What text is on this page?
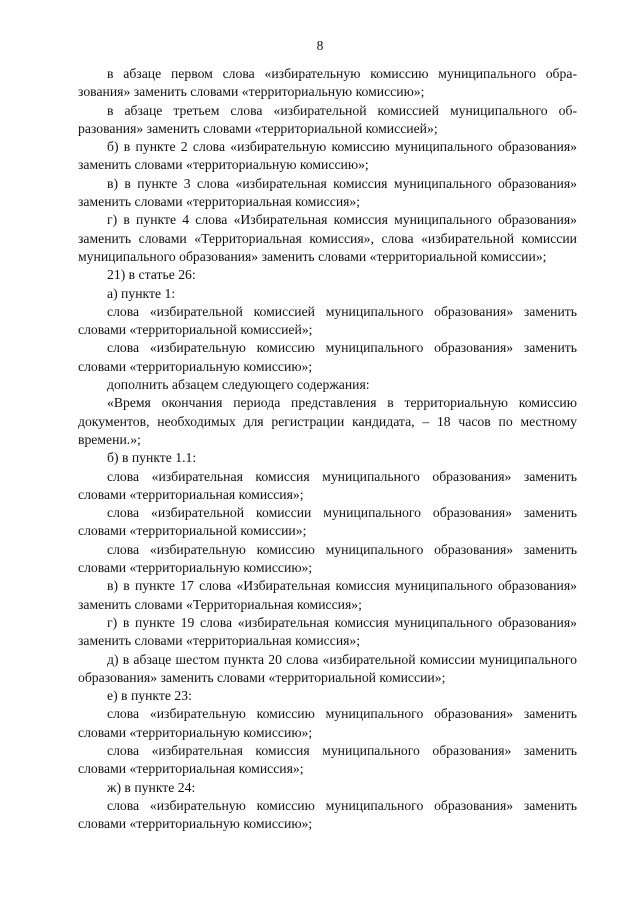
8

в абзаце первом слова «избирательную комиссию муниципального образования» заменить словами «территориальную комиссию»;

в абзаце третьем слова «избирательной комиссией муниципального образования» заменить словами «территориальной комиссией»;

б) в пункте 2 слова «избирательную комиссию муниципального образования» заменить словами «территориальную комиссию»;

в) в пункте 3 слова «избирательная комиссия муниципального образования» заменить словами «территориальная комиссия»;

г) в пункте 4 слова «Избирательная комиссия муниципального образования» заменить словами «Территориальная комиссия», слова «избирательной комиссии муниципального образования» заменить словами «территориальной комиссии»;

21) в статье 26:

а) пункте 1:

слова «избирательной комиссией муниципального образования» заменить словами «территориальной комиссией»;

слова «избирательную комиссию муниципального образования» заменить словами «территориальную комиссию»;

дополнить абзацем следующего содержания:

«Время окончания периода представления в территориальную комиссию документов, необходимых для регистрации кандидата, – 18 часов по местному времени.»;

б) в пункте 1.1:

слова «избирательная комиссия муниципального образования» заменить словами «территориальная комиссия»;

слова «избирательной комиссии муниципального образования» заменить словами «территориальной комиссии»;

слова «избирательную комиссию муниципального образования» заменить словами «территориальную комиссию»;

в) в пункте 17 слова «Избирательная комиссия муниципального образования» заменить словами «Территориальная комиссия»;

г) в пункте 19 слова «избирательная комиссия муниципального образования» заменить словами «территориальная комиссия»;

д) в абзаце шестом пункта 20 слова «избирательной комиссии муниципального образования» заменить словами «территориальной комиссии»;

е) в пункте 23:

слова «избирательную комиссию муниципального образования» заменить словами «территориальную комиссию»;

слова «избирательная комиссия муниципального образования» заменить словами «территориальная комиссия»;

ж) в пункте 24:

слова «избирательную комиссию муниципального образования» заменить словами «территориальную комиссию»;
